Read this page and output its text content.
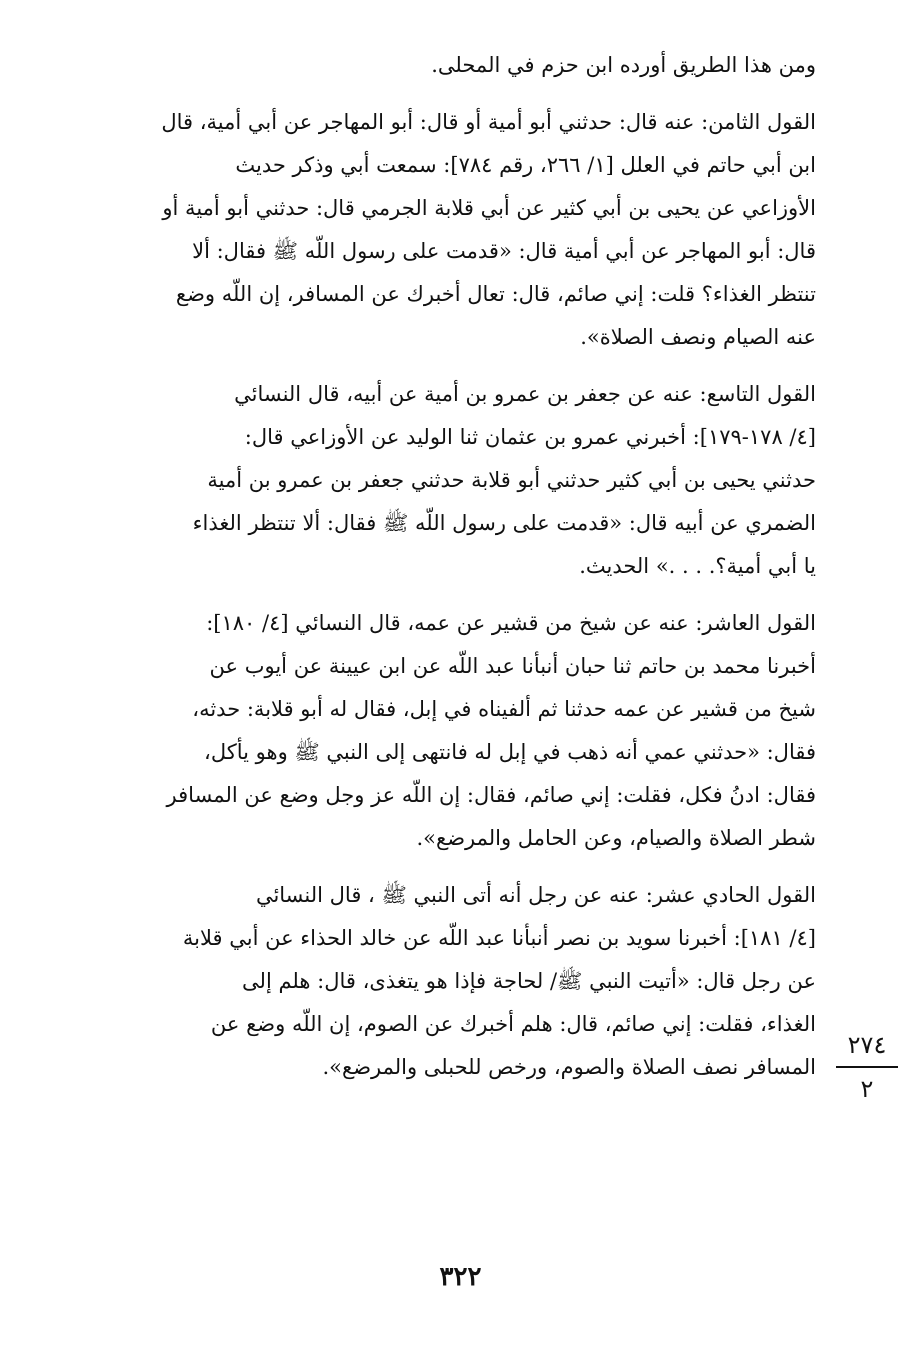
ومن هذا الطريق أورده ابن حزم في المحلى.
القول الثامن: عنه قال: حدثني أبو أمية أو قال: أبو المهاجر عن أبي أمية، قال
ابن أبي حاتم في العلل [١/ ٢٦٦، رقم ٧٨٤]: سمعت أبي وذكر حديث
الأوزاعي عن يحيى بن أبي كثير عن أبي قلابة الجرمي قال: حدثني أبو أمية أو
قال: أبو المهاجر عن أبي أمية قال: «قدمت على رسول اللّه ﷺ فقال: ألا
تنتظر الغذاء؟ قلت: إني صائم، قال: تعال أخبرك عن المسافر، إن اللّه وضع
عنه الصيام ونصف الصلاة».
القول التاسع: عنه عن جعفر بن عمرو بن أمية عن أبيه، قال النسائي
[٤/ ١٧٨-١٧٩]: أخبرني عمرو بن عثمان ثنا الوليد عن الأوزاعي قال:
حدثني يحيى بن أبي كثير حدثني أبو قلابة حدثني جعفر بن عمرو بن أمية
الضمري عن أبيه قال: «قدمت على رسول اللّه ﷺ فقال: ألا تنتظر الغذاء
يا أبي أمية؟. . . .» الحديث.
القول العاشر: عنه عن شيخ من قشير عن عمه، قال النسائي [٤/ ١٨٠]:
أخبرنا محمد بن حاتم ثنا حبان أنبأنا عبد اللّه عن ابن عيينة عن أيوب عن
شيخ من قشير عن عمه حدثنا ثم ألفيناه في إبل، فقال له أبو قلابة: حدثه،
فقال: «حدثني عمي أنه ذهب في إبل له فانتهى إلى النبي ﷺ وهو يأكل،
فقال: ادنُ فكل، فقلت: إني صائم، فقال: إن اللّه عز وجل وضع عن المسافر
شطر الصلاة والصيام، وعن الحامل والمرضع».
القول الحادي عشر: عنه عن رجل أنه أتى النبي ﷺ ، قال النسائي
[٤/ ١٨١]: أخبرنا سويد بن نصر أنبأنا عبد اللّه عن خالد الحذاء عن أبي قلابة
عن رجل قال: «أتيت النبي ﷺ/ لحاجة فإذا هو يتغذى، قال: هلم إلى
الغذاء، فقلت: إني صائم، قال: هلم أخبرك عن الصوم، إن اللّه وضع عن
المسافر نصف الصلاة والصوم، ورخص للحبلى والمرضع».
٢٧٤
٢
٣٢٢
